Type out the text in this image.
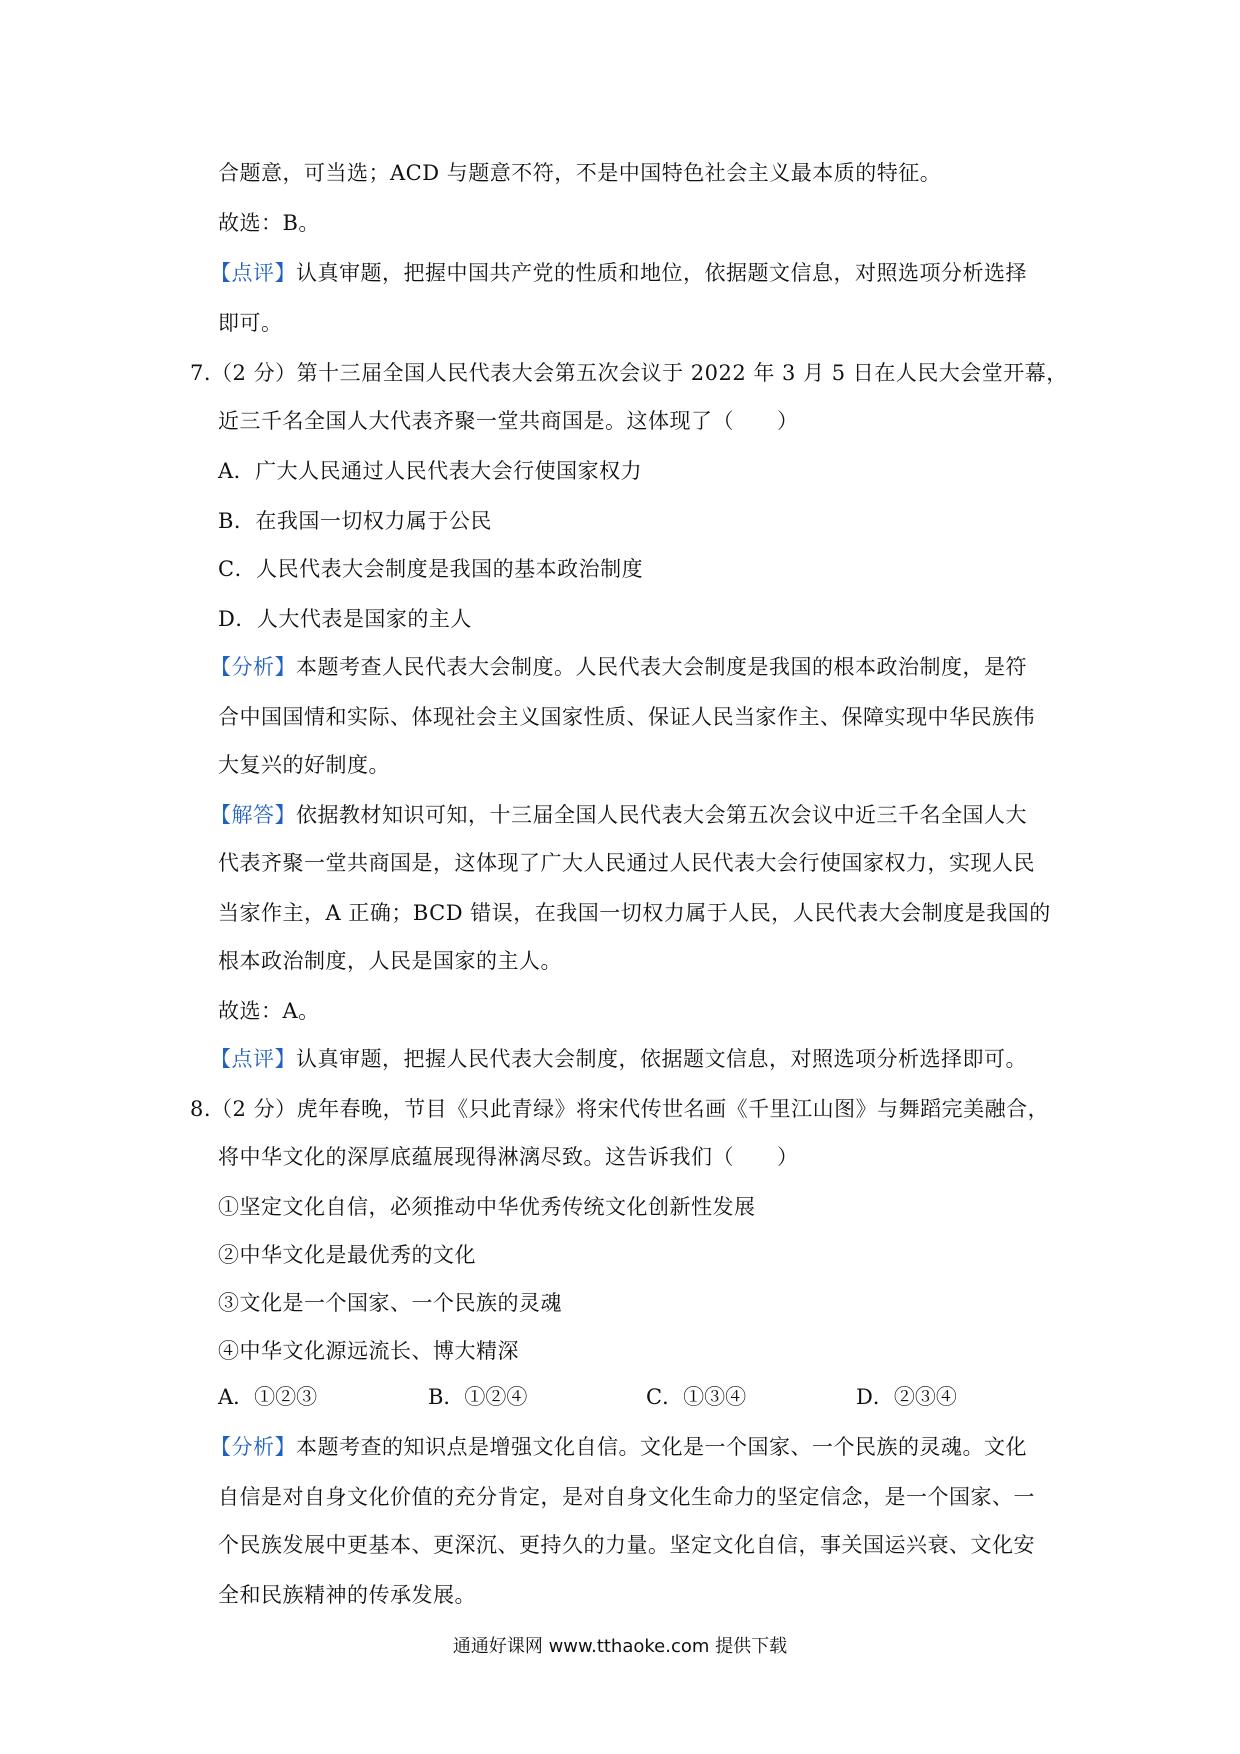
合题意，可当选；ACD 与题意不符，不是中国特色社会主义最本质的特征。
故选：B。
【点评】认真审题，把握中国共产党的性质和地位，依据题文信息，对照选项分析选择
即可。
7.（2 分）第十三届全国人民代表大会第五次会议于 2022 年 3 月 5 日在人民大会堂开幕，
近三千名全国人大代表齐聚一堂共商国是。这体现了（　　）
A．广大人民通过人民代表大会行使国家权力
B．在我国一切权力属于公民
C．人民代表大会制度是我国的基本政治制度
D．人大代表是国家的主人
【分析】本题考查人民代表大会制度。人民代表大会制度是我国的根本政治制度，是符
合中国国情和实际、体现社会主义国家性质、保证人民当家作主、保障实现中华民族伟
大复兴的好制度。
【解答】依据教材知识可知，十三届全国人民代表大会第五次会议中近三千名全国人大
代表齐聚一堂共商国是，这体现了广大人民通过人民代表大会行使国家权力，实现人民
当家作主，A 正确；BCD 错误，在我国一切权力属于人民，人民代表大会制度是我国的
根本政治制度，人民是国家的主人。
故选：A。
【点评】认真审题，把握人民代表大会制度，依据题文信息，对照选项分析选择即可。
8.（2 分）虎年春晚，节目《只此青绿》将宋代传世名画《千里江山图》与舞蹈完美融合，
将中华文化的深厚底蕴展现得淋漓尽致。这告诉我们（　　）
①坚定文化自信，必须推动中华优秀传统文化创新性发展
②中华文化是最优秀的文化
③文化是一个国家、一个民族的灵魂
④中华文化源远流长、博大精深
A．①②③	B．①②④	C．①③④	D．②③④
【分析】本题考查的知识点是增强文化自信。文化是一个国家、一个民族的灵魂。文化
自信是对自身文化价值的充分肯定，是对自身文化生命力的坚定信念，是一个国家、一
个民族发展中更基本、更深沉、更持久的力量。坚定文化自信，事关国运兴衰、文化安
全和民族精神的传承发展。
通通好课网 www.tthaoke.com 提供下载
